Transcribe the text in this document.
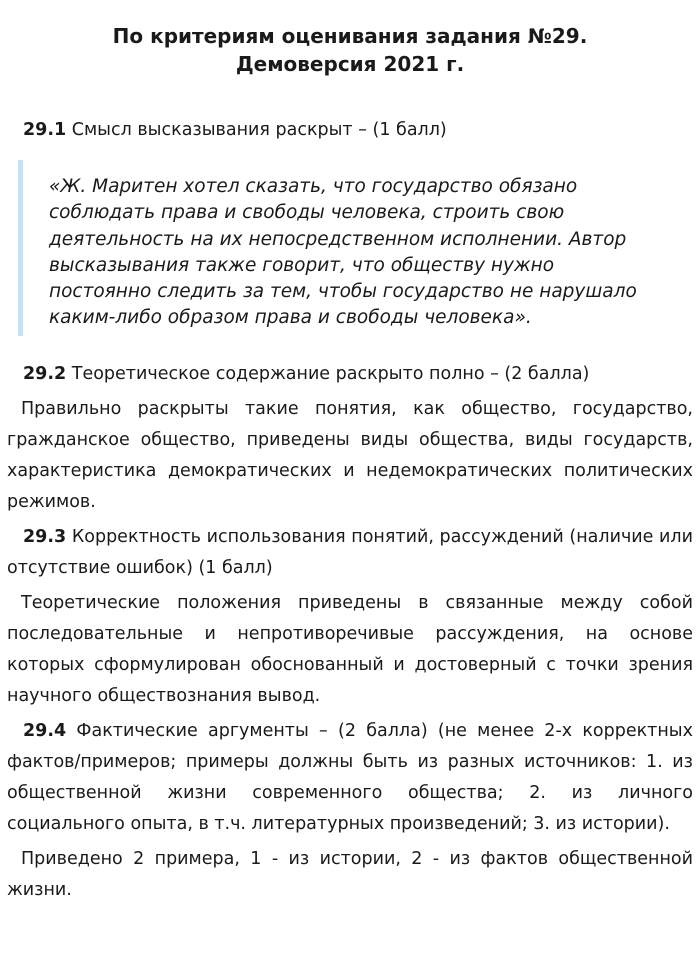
По критериям оценивания задания №29.
Демоверсия 2021 г.

29.1 Смысл высказывания раскрыт – (1 балл)

«Ж. Маритен хотел сказать, что государство обязано соблюдать права и свободы человека, строить свою деятельность на их непосредственном исполнении. Автор высказывания также говорит, что обществу нужно постоянно следить за тем, чтобы государство не нарушало каким-либо образом права и свободы человека».

29.2 Теоретическое содержание раскрыто полно – (2 балла)

Правильно раскрыты такие понятия, как общество, государство, гражданское общество, приведены виды общества, виды государств, характеристика демократических и недемократических политических режимов.

29.3 Корректность использования понятий, рассуждений (наличие или отсутствие ошибок) (1 балл)

Теоретические положения приведены в связанные между собой последовательные и непротиворечивые рассуждения, на основе которых сформулирован обоснованный и достоверный с точки зрения научного обществознания вывод.

29.4 Фактические аргументы – (2 балла) (не менее 2-х корректных фактов/примеров; примеры должны быть из разных источников: 1. из общественной жизни современного общества; 2. из личного социального опыта, в т.ч. литературных произведений; 3. из истории).

Приведено 2 примера, 1 - из истории, 2 - из фактов общественной жизни.
